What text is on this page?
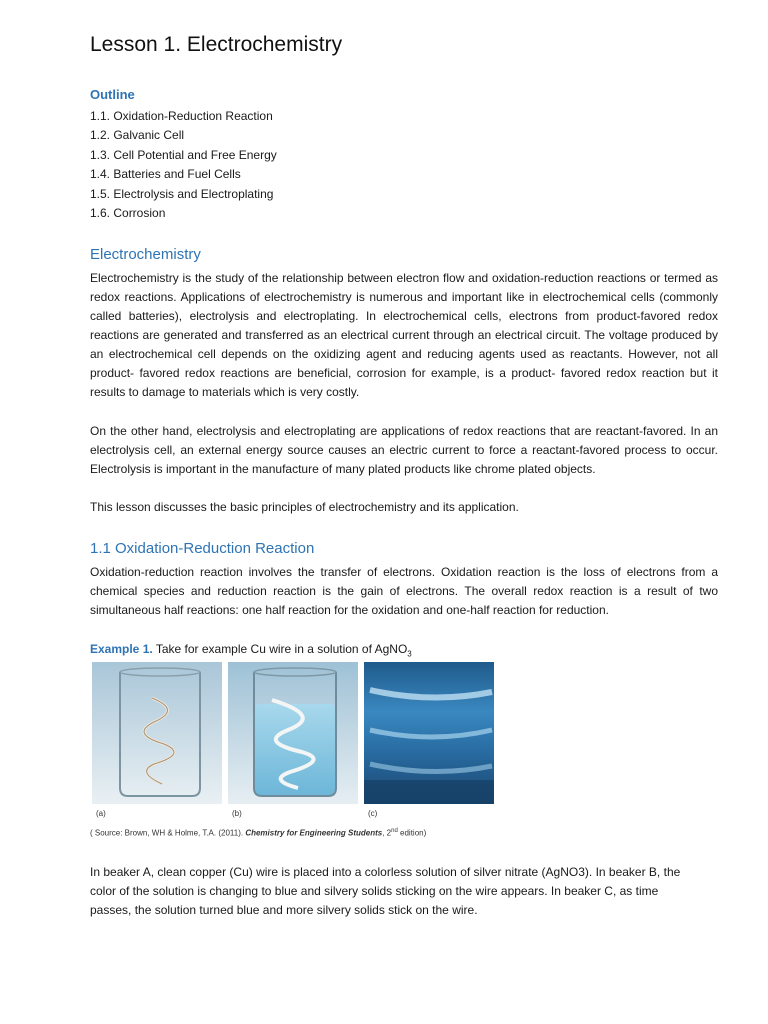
Lesson 1. Electrochemistry
Outline
1.1. Oxidation-Reduction Reaction
1.2. Galvanic Cell
1.3. Cell Potential and Free Energy
1.4. Batteries and Fuel Cells
1.5. Electrolysis and Electroplating
1.6. Corrosion
Electrochemistry

Electrochemistry is the study of the relationship between electron flow and oxidation-reduction reactions or termed as redox reactions. Applications of electrochemistry is numerous and important like in electrochemical cells (commonly called batteries), electrolysis and electroplating. In electrochemical cells, electrons from product-favored redox reactions are generated and transferred as an electrical current through an electrical circuit. The voltage produced by an electrochemical cell depends on the oxidizing agent and reducing agents used as reactants. However, not all product- favored redox reactions are beneficial, corrosion for example, is a product- favored redox reaction but it results to damage to materials which is very costly.

On the other hand, electrolysis and electroplating are applications of redox reactions that are reactant-favored. In an electrolysis cell, an external energy source causes an electric current to force a reactant-favored process to occur. Electrolysis is important in the manufacture of many plated products like chrome plated objects.

This lesson discusses the basic principles of electrochemistry and its application.

1.1 Oxidation-Reduction Reaction

Oxidation-reduction reaction involves the transfer of electrons. Oxidation reaction is the loss of electrons from a chemical species and reduction reaction is the gain of electrons. The overall redox reaction is a result of two simultaneous half reactions: one half reaction for the oxidation and one-half reaction for reduction.

Example 1. Take for example Cu wire in a solution of AgNO$_3$
(a)	(b)	(c)
( Source: Brown, WH & Holme, T.A. (2011). Chemistry for Engineering Students, 2nd edition)

In beaker A, clean copper (Cu) wire is placed into a colorless solution of silver nitrate (AgNO3). In beaker B, the color of the solution is changing to blue and silvery solids sticking on the wire appears. In beaker C, as time passes, the solution turned blue and more silvery solids stick on the wire.
